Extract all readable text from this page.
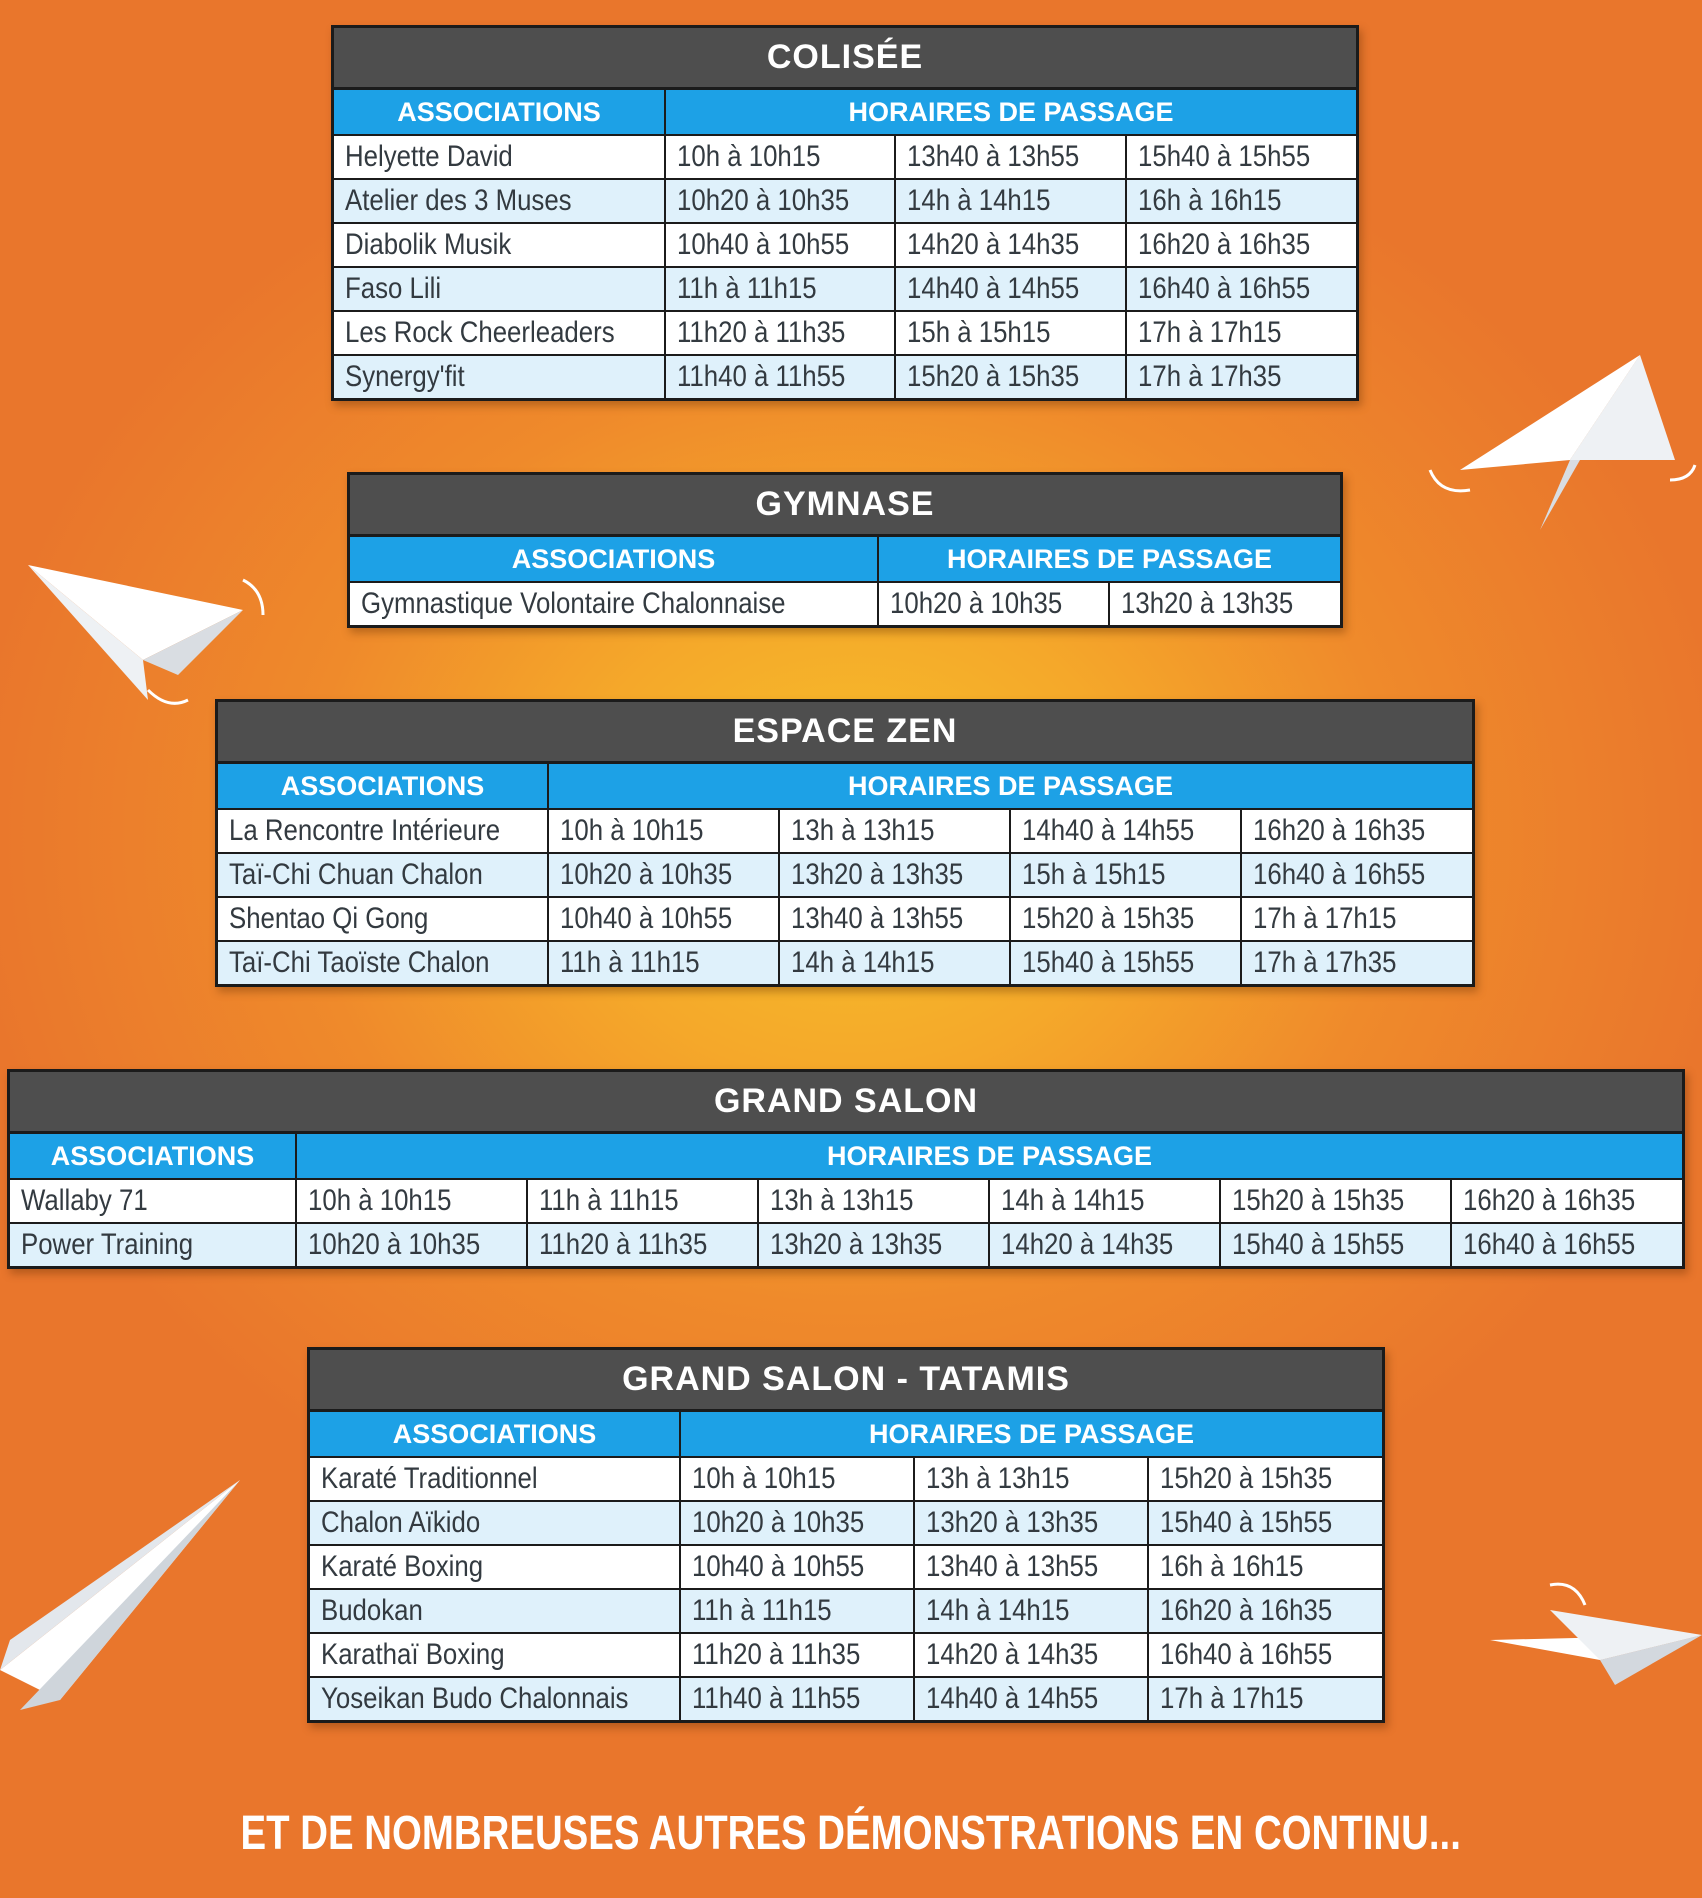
COLISÉE
ASSOCIATIONS	HORAIRES DE PASSAGE		
Helyette David	10h à 10h15	13h40 à 13h55	15h40 à 15h55
Atelier des 3 Muses	10h20 à 10h35	14h à 14h15	16h à 16h15
Diabolik Musik	10h40 à 10h55	14h20 à 14h35	16h20 à 16h35
Faso Lili	11h à 11h15	14h40 à 14h55	16h40 à 16h55
Les Rock Cheerleaders	11h20 à 11h35	15h à 15h15	17h à 17h15
Synergy'fit	11h40 à 11h55	15h20 à 15h35	17h à 17h35
GYMNASE
ASSOCIATIONS	HORAIRES DE PASSAGE	
Gymnastique Volontaire Chalonnaise	10h20 à 10h35	13h20 à 13h35
ESPACE ZEN
ASSOCIATIONS	HORAIRES DE PASSAGE			
La Rencontre Intérieure	10h à 10h15	13h à 13h15	14h40 à 14h55	16h20 à 16h35
Taï-Chi Chuan Chalon	10h20 à 10h35	13h20 à 13h35	15h à 15h15	16h40 à 16h55
Shentao Qi Gong	10h40 à 10h55	13h40 à 13h55	15h20 à 15h35	17h à 17h15
Taï-Chi Taoïste Chalon	11h à 11h15	14h à 14h15	15h40 à 15h55	17h à 17h35
GRAND SALON
ASSOCIATIONS	HORAIRES DE PASSAGE					
Wallaby 71	10h à 10h15	11h à 11h15	13h à 13h15	14h à 14h15	15h20 à 15h35	16h20 à 16h35
Power Training	10h20 à 10h35	11h20 à 11h35	13h20 à 13h35	14h20 à 14h35	15h40 à 15h55	16h40 à 16h55
GRAND SALON - TATAMIS
ASSOCIATIONS	HORAIRES DE PASSAGE		
Karaté Traditionnel	10h à 10h15	13h à 13h15	15h20 à 15h35
Chalon Aïkido	10h20 à 10h35	13h20 à 13h35	15h40 à 15h55
Karaté Boxing	10h40 à 10h55	13h40 à 13h55	16h à 16h15
Budokan	11h à 11h15	14h à 14h15	16h20 à 16h35
Karathaï Boxing	11h20 à 11h35	14h20 à 14h35	16h40 à 16h55
Yoseikan Budo Chalonnais	11h40 à 11h55	14h40 à 14h55	17h à 17h15
ET DE NOMBREUSES AUTRES DÉMONSTRATIONS EN CONTINU...
